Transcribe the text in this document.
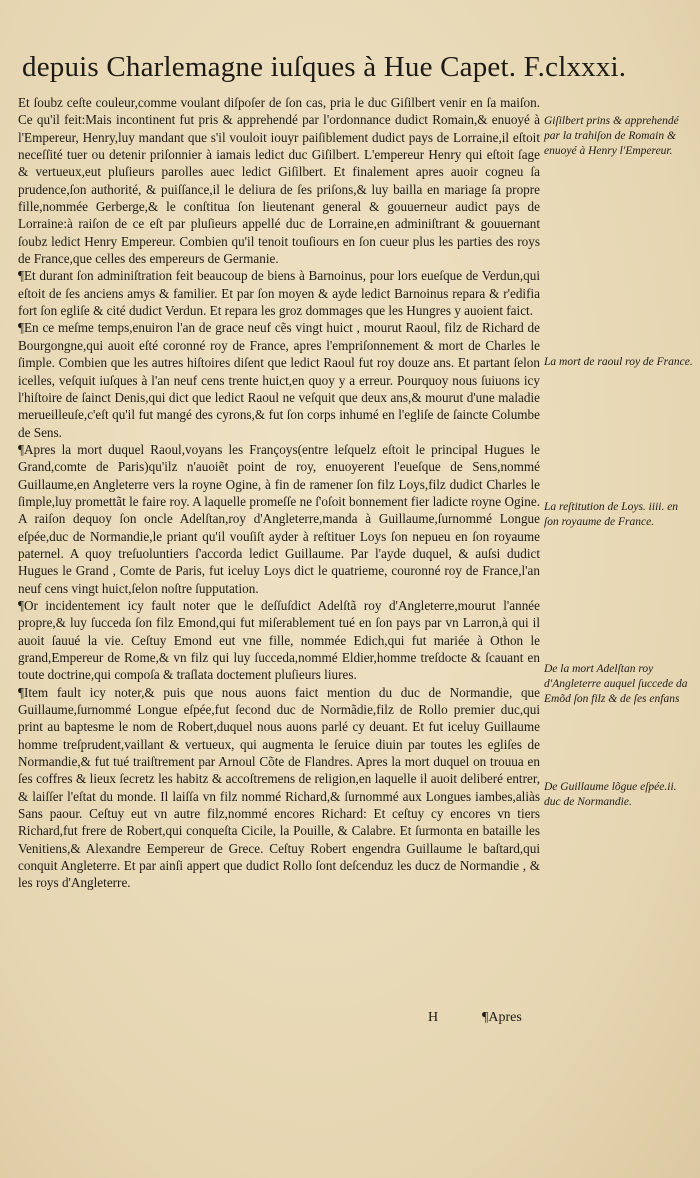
depuis Charlemagne iuſques à Hue Capet. F.clxxxi.

Et ſoubz ceſte couleur,comme voulant diſpoſer de ſon cas, pria le duc Giſilbert venir en ſa maiſon. Ce qu'il feit:Mais incontinent fut pris & apprehendé par l'ordonnance dudict Romain,& enuoyé à l'Empereur, Henry,luy mandant que s'il vouloit iouyr paiſiblement dudict pays de Lorraine,il eſtoit neceſſité tuer ou detenir priſonnier à iamais ledict duc Giſilbert. L'empereur Henry qui eſtoit ſage & vertueux,eut pluſieurs parolles auec ledict Giſilbert. Et finalement apres auoir cogneu ſa prudence,ſon authorité, & puiſſance,il le deliura de ſes priſons,& luy bailla en mariage ſa propre fille,nommée Gerberge,& le conſtitua ſon lieutenant general & gouuerneur audict pays de Lorraine:à raiſon de ce eſt par pluſieurs appellé duc de Lorraine,en adminiſtrant & gouuernant ſoubz ledict Henry Empereur. Combien qu'il tenoit touſiours en ſon cueur plus les parties des roys de France,que celles des empereurs de Germanie.

¶Et durant ſon adminiſtration feit beaucoup de biens à Barnoinus, pour lors eueſque de Verdun,qui eſtoit de ſes anciens amys & familier. Et par ſon moyen & ayde ledict Barnoinus repara & r'edifia fort ſon egliſe & cité dudict Verdun. Et repara les groz dommages que les Hungres y auoient faict.

¶En ce meſme temps,enuiron l'an de grace neuf cẽs vingt huict , mourut Raoul, filz de Richard de Bourgongne,qui auoit eſté coronné roy de France, apres l'empriſonnement & mort de Charles le ſimple. Combien que les autres hiſtoires diſent que ledict Raoul fut roy douze ans. Et partant ſelon icelles, veſquit iuſques à l'an neuf cens trente huict,en quoy y a erreur. Pourquoy nous ſuiuons icy l'hiſtoire de ſainct Denis,qui dict que ledict Raoul ne veſquit que deux ans,& mourut d'une maladie merueilleuſe,c'eſt qu'il fut mangé des cyrons,& fut ſon corps inhumé en l'egliſe de ſaincte Columbe de Sens.

¶Apres la mort duquel Raoul,voyans les Françoys(entre leſquelz eſtoit le principal Hugues le Grand,comte de Paris)qu'ilz n'auoiẽt point de roy, enuoyerent l'eueſque de Sens,nommé Guillaume,en Angleterre vers la royne Ogine, à fin de ramener ſon filz Loys,filz dudict Charles le ſimple,luy promettãt le faire roy. A laquelle promeſſe ne ſ'oſoit bonnement fier ladicte royne Ogine. A raiſon dequoy ſon oncle Adelſtan,roy d'Angleterre,manda à Guillaume,ſurnommé Longue eſpée,duc de Normandie,le priant qu'il vouſiſt ayder à reſtituer Loys ſon nepueu en ſon royaume paternel. A quoy treſuoluntiers ſ'accorda ledict Guillaume. Par l'ayde duquel, & auſsi dudict Hugues le Grand , Comte de Paris, fut iceluy Loys dict le quatrieme, couronné roy de France,l'an neuf cens vingt huict,ſelon noſtre ſupputation.

¶Or incidentement icy fault noter que le deſſuſdict Adelſtã roy d'Angleterre,mourut l'année propre,& luy ſucceda ſon filz Emond,qui fut miſerablement tué en ſon pays par vn Larron,à qui il auoit ſauué la vie. Ceſtuy Emond eut vne fille, nommée Edich,qui fut mariée à Othon le grand,Empereur de Rome,& vn filz qui luy ſucceda,nommé Eldier,homme treſdocte & ſcauant en toute doctrine,qui compoſa & traſlata doctement pluſieurs liures.

¶Item fault icy noter,& puis que nous auons faict mention du duc de Normandie, que Guillaume,ſurnommé Longue eſpée,fut ſecond duc de Normãdie,filz de Rollo premier duc,qui print au baptesme le nom de Robert,duquel nous auons parlé cy deuant. Et fut iceluy Guillaume homme treſprudent,vaillant & vertueux, qui augmenta le ſeruice diuin par toutes les egliſes de Normandie,& fut tué traiſtrement par Arnoul Cõte de Flandres. Apres la mort duquel on trouua en ſes coffres & lieux ſecretz les habitz & accoſtremens de religion,en laquelle il auoit deliberé entrer, & laiſſer l'eſtat du monde. Il laiſſa vn filz nommé Richard,& ſurnommé aux Longues iambes,aliàs Sans paour. Ceſtuy eut vn autre filz,nommé encores Richard: Et ceſtuy cy encores vn tiers Richard,fut frere de Robert,qui conqueſta Cicile, la Pouille, & Calabre. Et ſurmonta en bataille les Venitiens,& Alexandre Eempereur de Grece. Ceſtuy Robert engendra Guillaume le baſtard,qui conquit Angleterre. Et par ainſi appert que dudict Rollo ſont deſcenduz les ducz de Normandie , & les roys d'Angleterre.

Giſilbert prins & apprehendé par la trahiſon de Romain & enuoyé à Henry l'Empereur.
La mort de raoul roy de France.
La reſtitution de Loys. iiii. en ſon royaume de France.
De la mort Adelſtan roy d'Angleterre auquel ſuccede da Emõd ſon filz & de ſes enfans
De Guillaume lõgue eſpée.ii. duc de Normandie.
H	¶Apres
